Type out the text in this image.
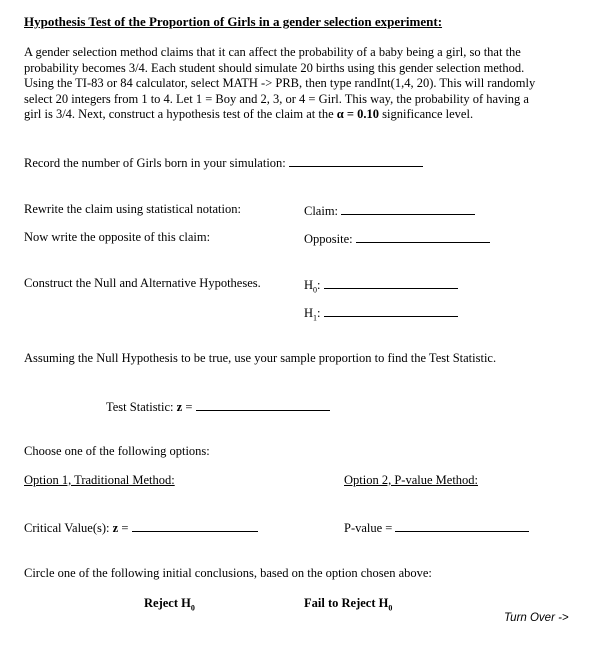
Hypothesis Test of the Proportion of Girls in a gender selection experiment:
A gender selection method claims that it can affect the probability of a baby being a girl, so that the
probability becomes 3/4. Each student should simulate 20 births using this gender selection method.
Using the TI-83 or 84 calculator, select MATH -> PRB, then type randInt(1,4, 20). This will randomly
select 20 integers from 1 to 4. Let 1 = Boy and 2, 3, or 4 = Girl. This way, the probability of having a
girl is 3/4. Next, construct a hypothesis test of the claim at the α = 0.10 significance level.
Record the number of Girls born in your simulation:
Rewrite the claim using statistical notation:	Claim:
Now write the opposite of this claim:	Opposite:
Construct the Null and Alternative Hypotheses.	$H_0$:
$H_1$:
Assuming the Null Hypothesis to be true, use your sample proportion to find the Test Statistic.
Test Statistic: z =
Choose one of the following options:
Option 1, Traditional Method:	Option 2, P-value Method:
Critical Value(s): z =	P-value =
Circle one of the following initial conclusions, based on the option chosen above:
Reject $H_0$	Fail to Reject $H_0$
Turn Over ->
